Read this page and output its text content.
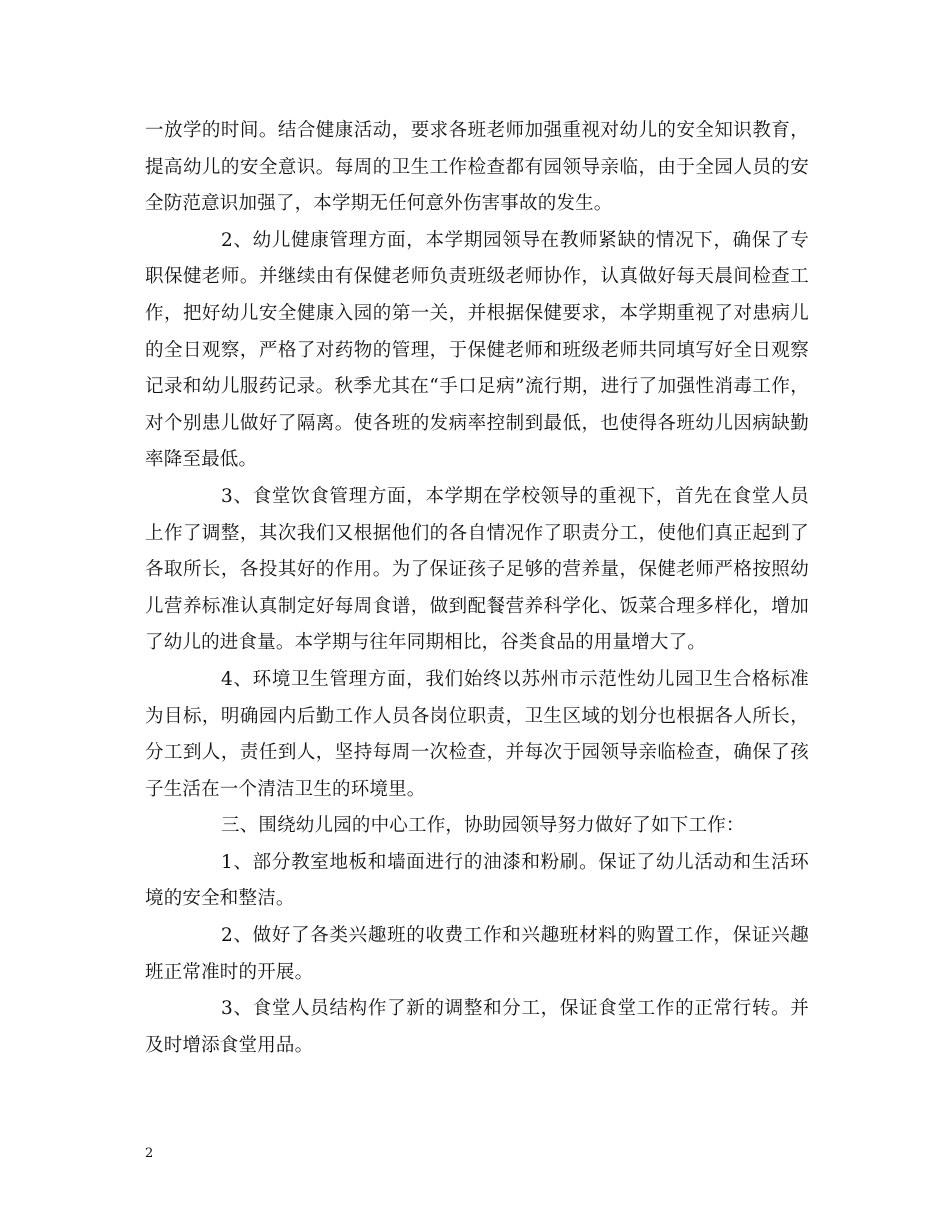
一放学的时间。结合健康活动，要求各班老师加强重视对幼儿的安全知识教育，提高幼儿的安全意识。每周的卫生工作检查都有园领导亲临，由于全园人员的安全防范意识加强了，本学期无任何意外伤害事故的发生。

2、幼儿健康管理方面，本学期园领导在教师紧缺的情况下，确保了专职保健老师。并继续由有保健老师负责班级老师协作，认真做好每天晨间检查工作，把好幼儿安全健康入园的第一关，并根据保健要求，本学期重视了对患病儿的全日观察，严格了对药物的管理，于保健老师和班级老师共同填写好全日观察记录和幼儿服药记录。秋季尤其在“手口足病”流行期，进行了加强性消毒工作，对个别患儿做好了隔离。使各班的发病率控制到最低，也使得各班幼儿因病缺勤率降至最低。

3、食堂饮食管理方面，本学期在学校领导的重视下，首先在食堂人员上作了调整，其次我们又根据他们的各自情况作了职责分工，使他们真正起到了各取所长，各投其好的作用。为了保证孩子足够的营养量，保健老师严格按照幼儿营养标准认真制定好每周食谱，做到配餐营养科学化、饭菜合理多样化，增加了幼儿的进食量。本学期与往年同期相比，谷类食品的用量增大了。

4、环境卫生管理方面，我们始终以苏州市示范性幼儿园卫生合格标准为目标，明确园内后勤工作人员各岗位职责，卫生区域的划分也根据各人所长，分工到人，责任到人，坚持每周一次检查，并每次于园领导亲临检查，确保了孩子生活在一个清洁卫生的环境里。

三、围绕幼儿园的中心工作，协助园领导努力做好了如下工作：

1、部分教室地板和墙面进行的油漆和粉刷。保证了幼儿活动和生活环境的安全和整洁。

2、做好了各类兴趣班的收费工作和兴趣班材料的购置工作，保证兴趣班正常准时的开展。

3、食堂人员结构作了新的调整和分工，保证食堂工作的正常行转。并及时增添食堂用品。

2
